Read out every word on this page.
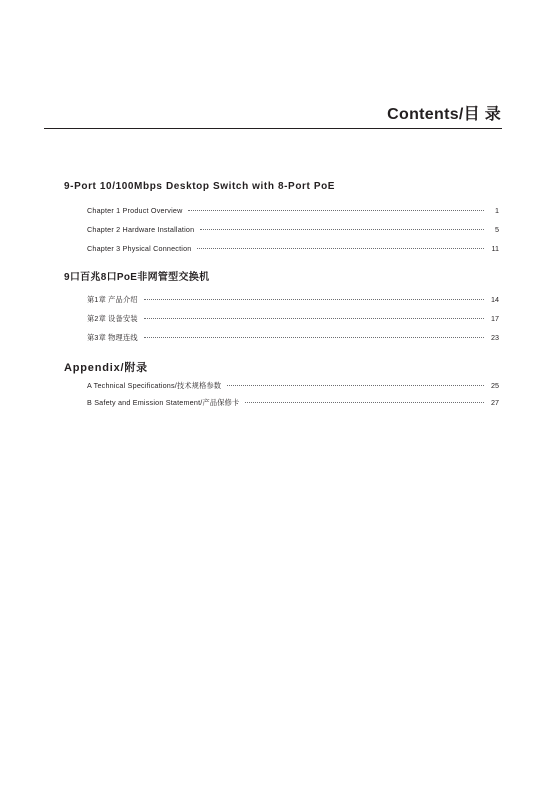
Contents/目 录
9-Port 10/100Mbps Desktop Switch with 8-Port PoE
Chapter 1 Product Overview	1
Chapter 2 Hardware Installation	5
Chapter 3 Physical Connection	11
9口百兆8口PoE非网管型交换机
第1章 产品介绍	14
第2章 设备安装	17
第3章 物理连线	23
Appendix/附录
A Technical Specifications/技术规格参数	25
B Safety and Emission Statement/产品保修卡	27
